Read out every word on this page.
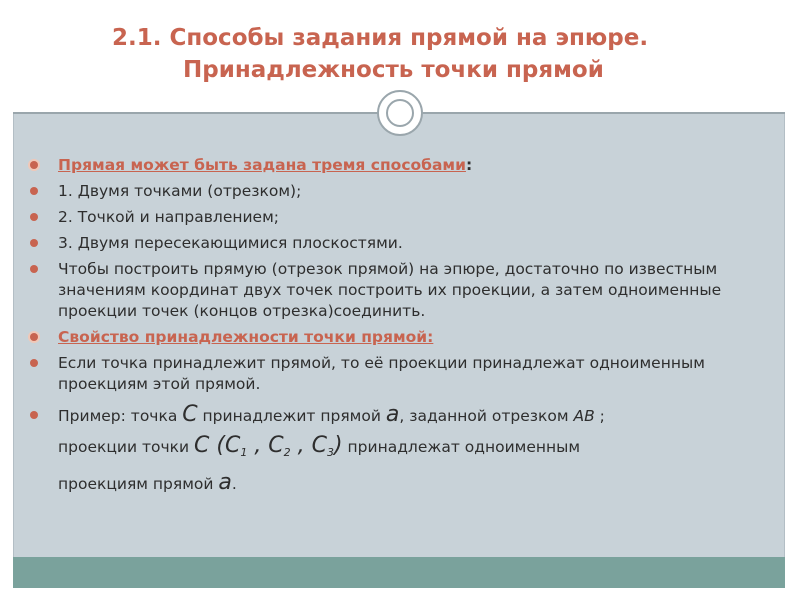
2.1. Способы задания прямой на эпюре.
Принадлежность точки прямой
Прямая может быть задана тремя способами:
1. Двумя точками (отрезком);
2. Точкой и направлением;
3. Двумя пересекающимися плоскостями.
Чтобы построить прямую (отрезок прямой) на эпюре, достаточно по известным значениям координат двух точек построить их проекции, а затем одноименные проекции точек (концов отрезка)соединить.
Свойство принадлежности точки прямой:
Если точка принадлежит прямой, то её проекции принадлежат одноименным проекциям этой прямой.
Пример: точка C принадлежит прямой a, заданной отрезком AB ;
проекции точки C ($C_1$ , $C_2$ , $C_3$) принадлежат одноименным
проекциям прямой a.
